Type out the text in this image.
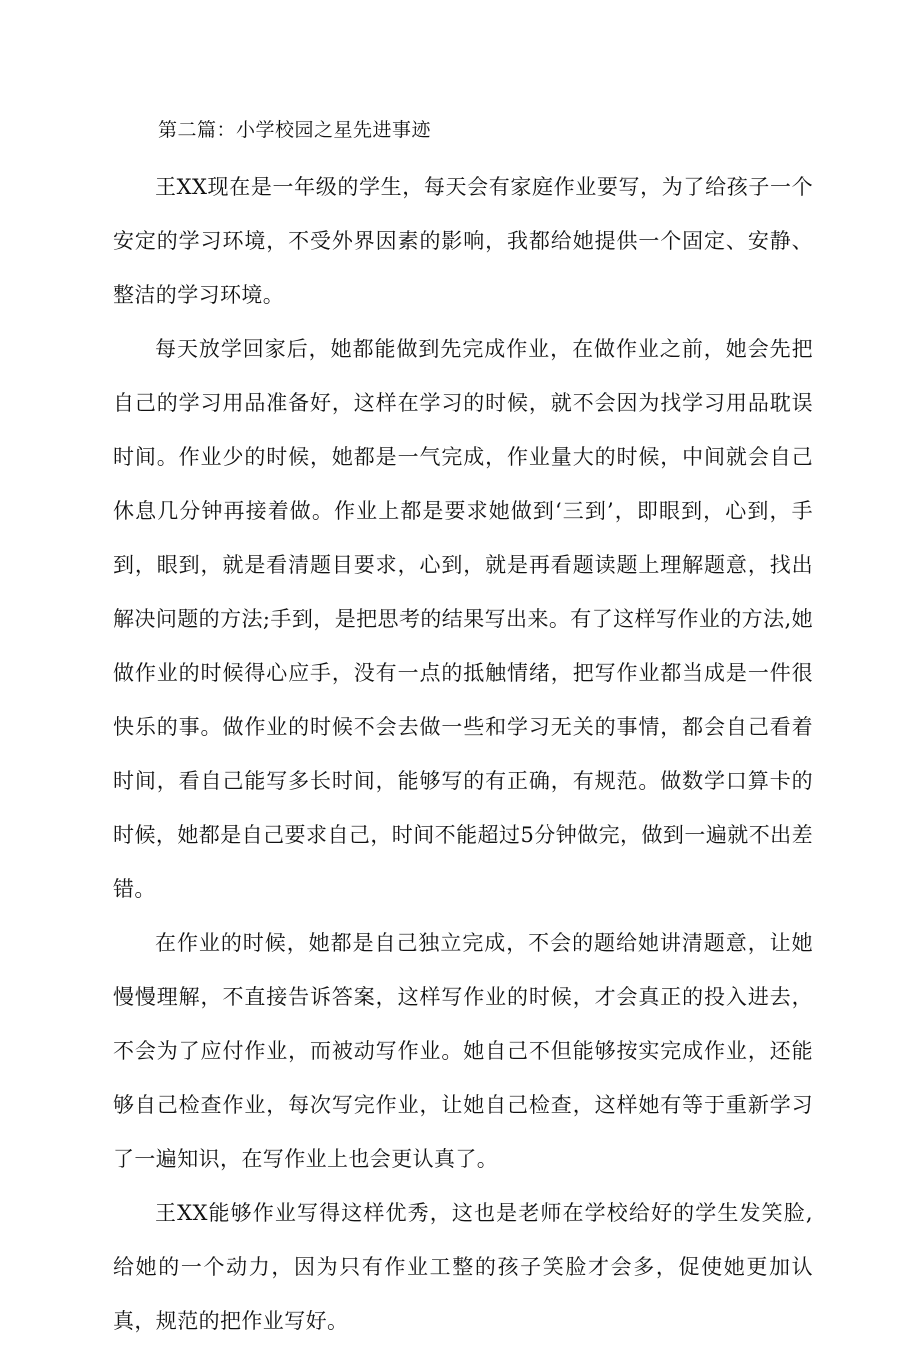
第二篇：小学校园之星先进事迹

王XX现在是一年级的学生，每天会有家庭作业要写，为了给孩子一个安定的学习环境，不受外界因素的影响，我都给她提供一个固定、安静、整洁的学习环境。

每天放学回家后，她都能做到先完成作业，在做作业之前，她会先把自己的学习用品准备好，这样在学习的时候，就不会因为找学习用品耽误时间。作业少的时候，她都是一气完成，作业量大的时候，中间就会自己休息几分钟再接着做。作业上都是要求她做到‘三到’，即眼到，心到，手到，眼到，就是看清题目要求，心到，就是再看题读题上理解题意，找出解决问题的方法;手到，是把思考的结果写出来。有了这样写作业的方法,她做作业的时候得心应手，没有一点的抵触情绪，把写作业都当成是一件很快乐的事。做作业的时候不会去做一些和学习无关的事情，都会自己看着时间，看自己能写多长时间，能够写的有正确，有规范。做数学口算卡的时候，她都是自己要求自己，时间不能超过5分钟做完，做到一遍就不出差错。

在作业的时候，她都是自己独立完成，不会的题给她讲清题意，让她慢慢理解，不直接告诉答案，这样写作业的时候，才会真正的投入进去，不会为了应付作业，而被动写作业。她自己不但能够按实完成作业，还能够自己检查作业，每次写完作业，让她自己检查，这样她有等于重新学习了一遍知识，在写作业上也会更认真了。

王XX能够作业写得这样优秀，这也是老师在学校给好的学生发笑脸,给她的一个动力，因为只有作业工整的孩子笑脸才会多，促使她更加认真，规范的把作业写好。
